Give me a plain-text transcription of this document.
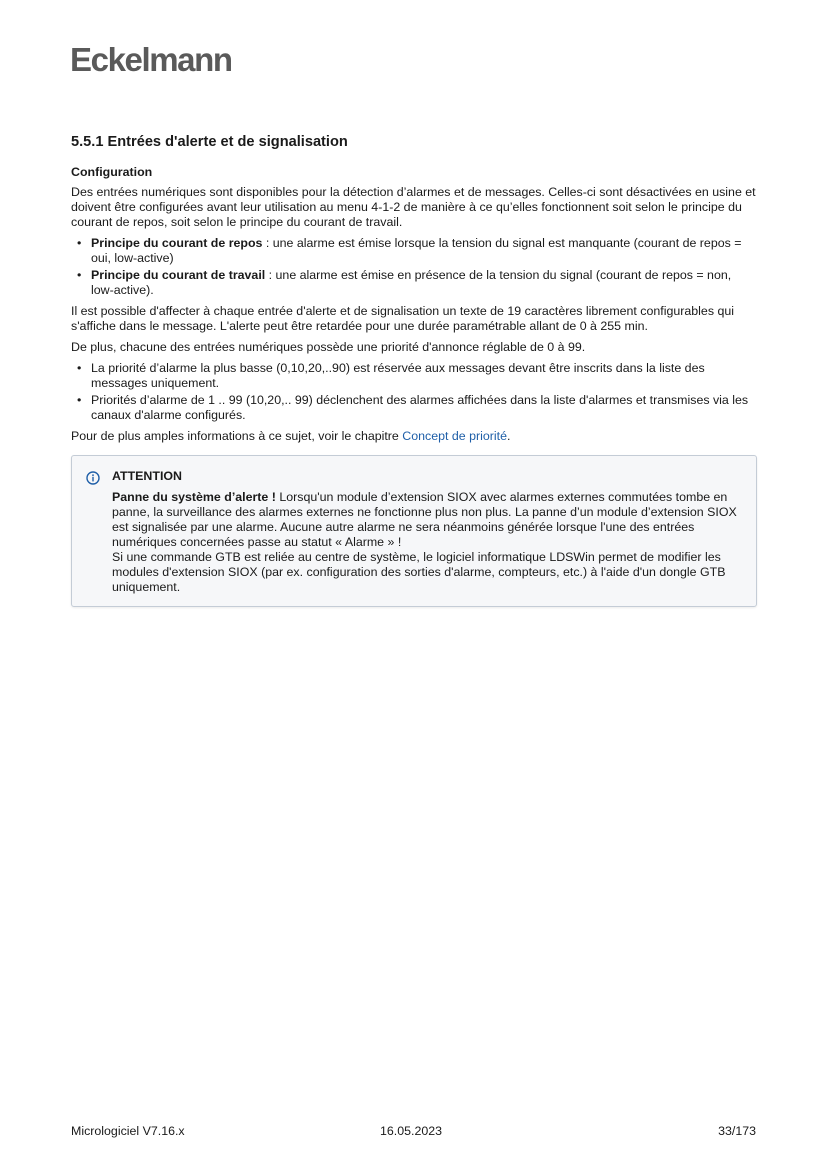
Eckelmann
5.5.1 Entrées d'alerte et de signalisation
Configuration

Des entrées numériques sont disponibles pour la détection d’alarmes et de messages. Celles-ci sont désactivées en usine et doivent être configurées avant leur utilisation au menu 4-1-2 de manière à ce qu’elles fonctionnent soit selon le principe du courant de repos, soit selon le principe du courant de travail.

• Principe du courant de repos : une alarme est émise lorsque la tension du signal est manquante (courant de repos = oui, low-active)
• Principe du courant de travail : une alarme est émise en présence de la tension du signal (courant de repos = non, low-active).

Il est possible d'affecter à chaque entrée d'alerte et de signalisation un texte de 19 caractères librement configurables qui s'affiche dans le message. L'alerte peut être retardée pour une durée paramétrable allant de 0 à 255 min.

De plus, chacune des entrées numériques possède une priorité d'annonce réglable de 0 à 99.

• La priorité d’alarme la plus basse (0,10,20,..90) est réservée aux messages devant être inscrits dans la liste des messages uniquement.
• Priorités d’alarme de 1 .. 99 (10,20,.. 99) déclenchent des alarmes affichées dans la liste d'alarmes et transmises via les canaux d'alarme configurés.

Pour de plus amples informations à ce sujet, voir le chapitre Concept de priorité.

ATTENTION

Panne du système d’alerte ! Lorsqu'un module d’extension SIOX avec alarmes externes commutées tombe en panne, la surveillance des alarmes externes ne fonctionne plus non plus. La panne d’un module d’extension SIOX est signalisée par une alarme. Aucune autre alarme ne sera néanmoins générée lorsque l'une des entrées numériques concernées passe au statut « Alarme » !

Si une commande GTB est reliée au centre de système, le logiciel informatique LDSWin permet de modifier les modules d'extension SIOX (par ex. configuration des sorties d'alarme, compteurs, etc.) à l'aide d'un dongle GTB uniquement.

Micrologiciel V7.16.x	16.05.2023	33/173
